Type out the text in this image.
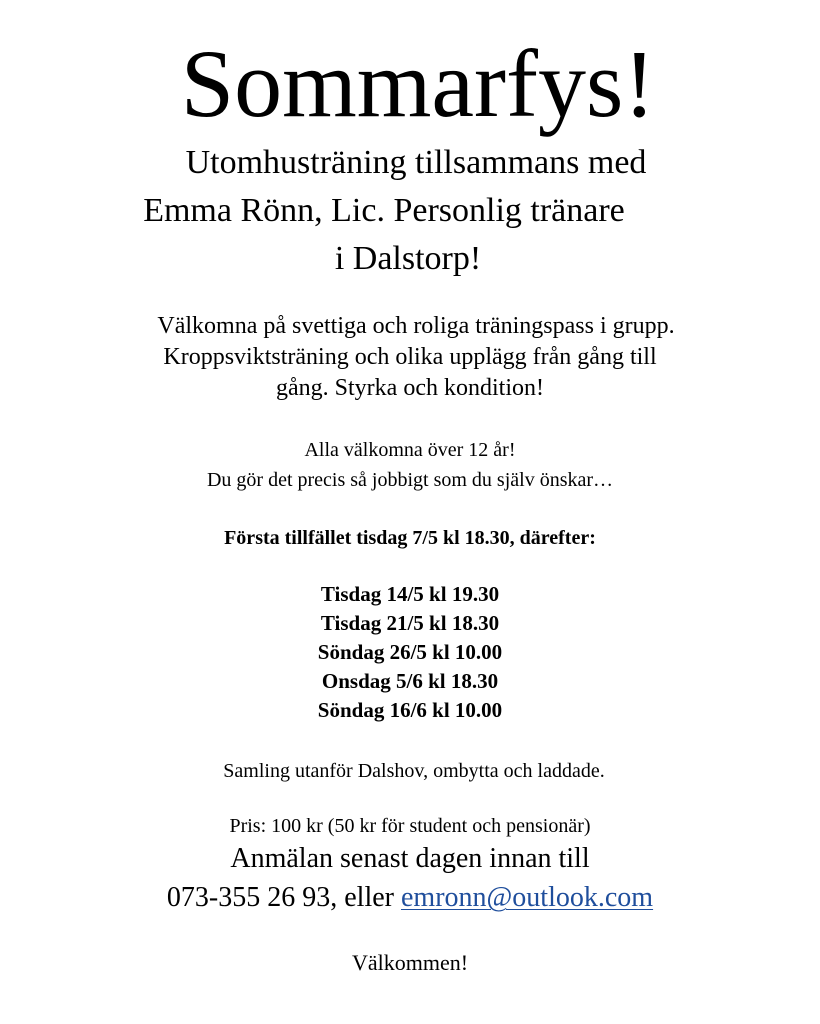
Sommarfys!
Utomhusträning tillsammans med
Emma Rönn, Lic. Personlig tränare
i Dalstorp!
Välkomna på svettiga och roliga träningspass i grupp.
Kroppsviktsträning och olika upplägg från gång till
gång. Styrka och kondition!
Alla välkomna över 12 år!
Du gör det precis så jobbigt som du själv önskar…
Första tillfället tisdag 7/5 kl 18.30, därefter:
Tisdag 14/5 kl 19.30
Tisdag 21/5 kl 18.30
Söndag 26/5 kl 10.00
Onsdag 5/6 kl 18.30
Söndag 16/6 kl 10.00
Samling utanför Dalshov, ombytta och laddade.
Pris: 100 kr (50 kr för student och pensionär)
Anmälan senast dagen innan till
073-355 26 93, eller emronn@outlook.com
Välkommen!
